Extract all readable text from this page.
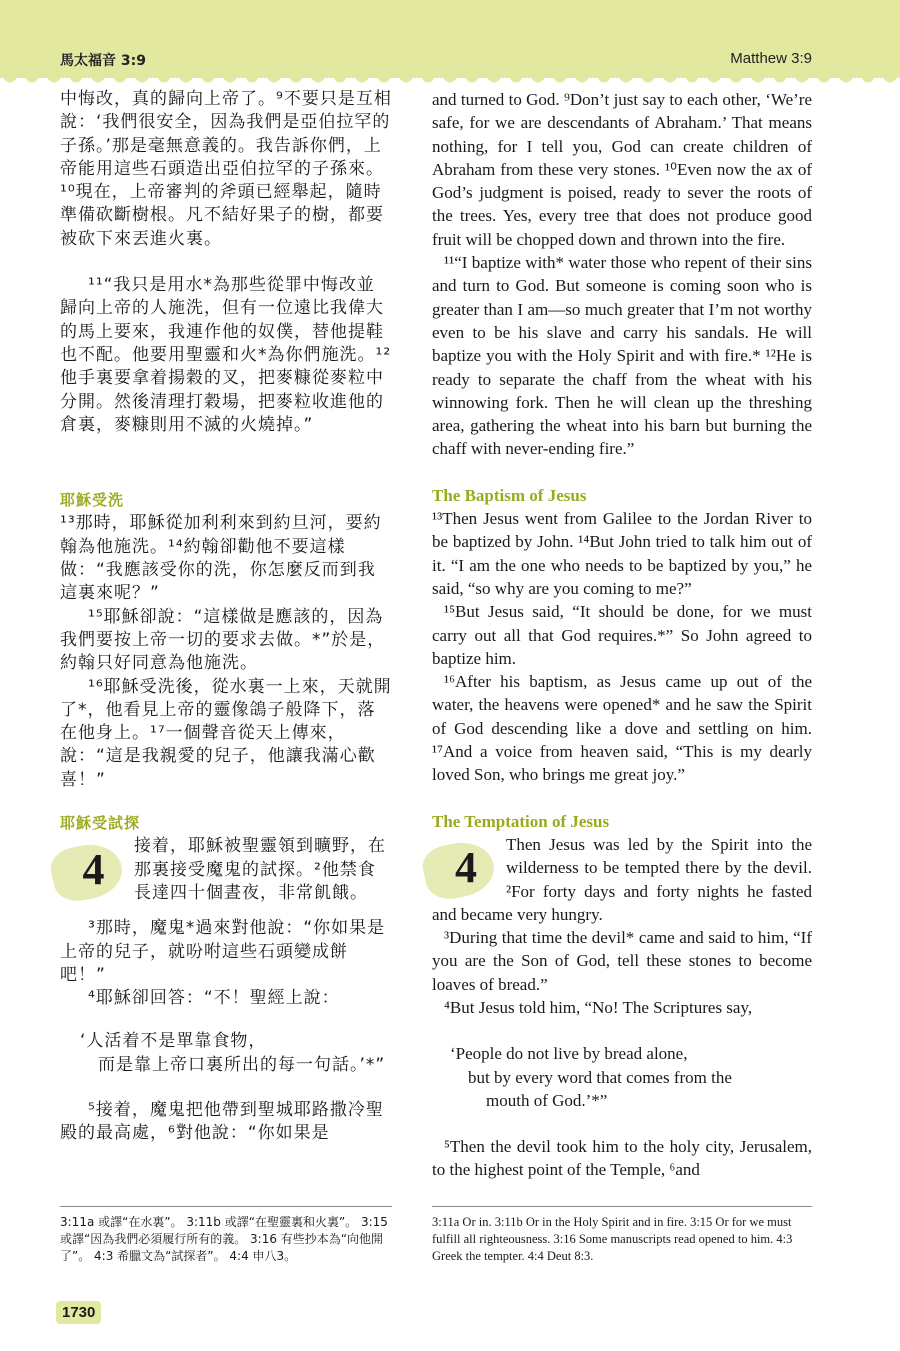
馬太福音 3:9	Matthew 3:9

中悔改，真的歸向上帝了。⁹不要只是互相說：‘我們很安全，因為我們是亞伯拉罕的子孫。’那是毫無意義的。我告訴你們，上帝能用這些石頭造出亞伯拉罕的子孫來。¹⁰現在，上帝審判的斧頭已經舉起，隨時準備砍斷樹根。凡不結好果子的樹，都要被砍下來丟進火裏。

¹¹“我只是用水*為那些從罪中悔改並歸向上帝的人施洗，但有一位遠比我偉大的馬上要來，我連作他的奴僕，替他提鞋也不配。他要用聖靈和火*為你們施洗。¹²他手裏要拿着揚穀的叉，把麥糠從麥粒中分開。然後清理打穀場，把麥粒收進他的倉裏，麥糠則用不滅的火燒掉。”

耶穌受洗

¹³那時，耶穌從加利利來到約旦河，要約翰為他施洗。¹⁴約翰卻勸他不要這樣做：“我應該受你的洗，你怎麼反而到我這裏來呢？”

¹⁵耶穌卻說：“這樣做是應該的，因為我們要按上帝一切的要求去做。*”於是，約翰只好同意為他施洗。

¹⁶耶穌受洗後，從水裏一上來，天就開了*，他看見上帝的靈像鴿子般降下，落在他身上。¹⁷一個聲音從天上傳來，說：“這是我親愛的兒子，他讓我滿心歡喜！”

耶穌受試探
4	接着，耶穌被聖靈領到曠野，在那裏接受魔鬼的試探。²他禁食長達四十個晝夜，非常飢餓。

³那時，魔鬼*過來對他說：“你如果是上帝的兒子，就吩咐這些石頭變成餅吧！”

⁴耶穌卻回答：“不！聖經上說：

‘人活着不是單靠食物，
而是靠上帝口裏所出的每一句話。’*”

⁵接着，魔鬼把他帶到聖城耶路撒冷聖殿的最高處，⁶對他說：“你如果是

and turned to God. ⁹Don’t just say to each other, ‘We’re safe, for we are descendants of Abraham.’ That means nothing, for I tell you, God can create children of Abraham from these very stones. ¹⁰Even now the ax of God’s judgment is poised, ready to sever the roots of the trees. Yes, every tree that does not produce good fruit will be chopped down and thrown into the fire.

¹¹“I baptize with* water those who repent of their sins and turn to God. But someone is coming soon who is greater than I am—so much greater that I’m not worthy even to be his slave and carry his sandals. He will baptize you with the Holy Spirit and with fire.* ¹²He is ready to separate the chaff from the wheat with his winnowing fork. Then he will clean up the threshing area, gathering the wheat into his barn but burning the chaff with never-ending fire.”

The Baptism of Jesus

¹³Then Jesus went from Galilee to the Jordan River to be baptized by John. ¹⁴But John tried to talk him out of it. “I am the one who needs to be baptized by you,” he said, “so why are you coming to me?”

¹⁵But Jesus said, “It should be done, for we must carry out all that God requires.*” So John agreed to baptize him.

¹⁶After his baptism, as Jesus came up out of the water, the heavens were opened* and he saw the Spirit of God descending like a dove and settling on him. ¹⁷And a voice from heaven said, “This is my dearly loved Son, who brings me great joy.”

The Temptation of Jesus
4	Then Jesus was led by the Spirit into the wilderness to be tempted there by the devil. ²For forty days and forty nights he fasted and became very hungry.

³During that time the devil* came and said to him, “If you are the Son of God, tell these stones to become loaves of bread.”

⁴But Jesus told him, “No! The Scriptures say,

‘People do not live by bread alone,
but by every word that comes from the
mouth of God.’*”

⁵Then the devil took him to the holy city, Jerusalem, to the highest point of the Temple, ⁶and

3:11a 或譯“在水裏”。 3:11b 或譯“在聖靈裏和火裏”。 3:15 或譯“因為我們必須履行所有的義。 3:16 有些抄本為“向他開了”。 4:3 希臘文為“試探者”。 4:4 申八3。
3:11a Or in. 3:11b Or in the Holy Spirit and in fire. 3:15 Or for we must fulfill all righteousness. 3:16 Some manuscripts read opened to him. 4:3 Greek the tempter. 4:4 Deut 8:3.
1730
